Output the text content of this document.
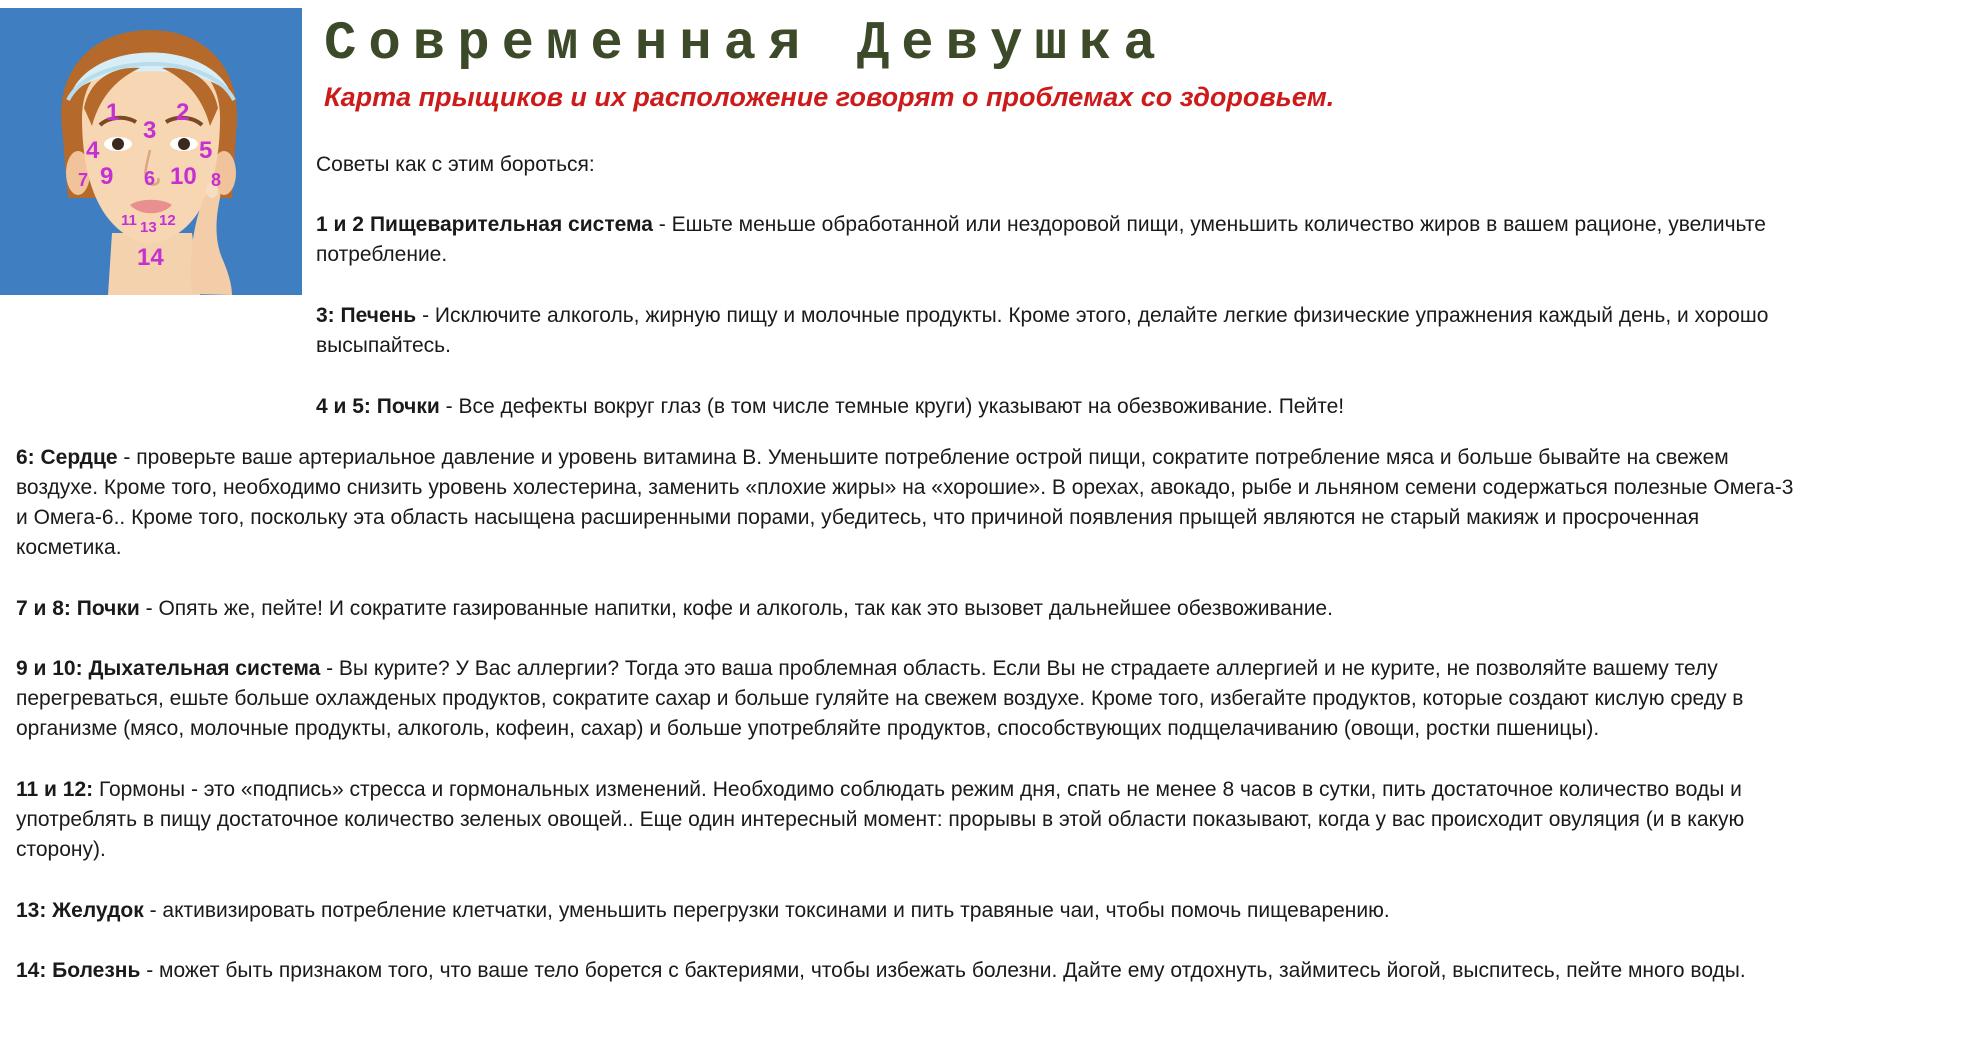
1 2
3
4	5
6
7	8
9 10
11 13 12
14
Современная Девушка
Карта прыщиков и их расположение говорят о проблемах со здоровьем.
Советы как с этим бороться:
1 и 2 Пищеварительная система - Ешьте меньше обработанной или нездоровой пищи, уменьшить количество жиров в вашем рационе, увеличьте
потребление.
3: Печень - Исключите алкоголь, жирную пищу и молочные продукты. Кроме этого, делайте легкие физические упражнения каждый день, и хорошо
высыпайтесь.
4 и 5: Почки - Все дефекты вокруг глаз (в том числе темные круги) указывают на обезвоживание. Пейте!
6: Сердце - проверьте ваше артериальное давление и уровень витамина B. Уменьшите потребление острой пищи, сократите потребление мяса и больше бывайте на свежем
воздухе. Кроме того, необходимо снизить уровень холестерина, заменить «плохие жиры» на «хорошие». В орехах, авокадо, рыбе и льняном семени содержаться полезные Омега-3
и Омега-6.. Кроме того, поскольку эта область насыщена расширенными порами, убедитесь, что причиной появления прыщей являются не старый макияж и просроченная
косметика.
7 и 8: Почки - Опять же, пейте! И сократите газированные напитки, кофе и алкоголь, так как это вызовет дальнейшее обезвоживание.
9 и 10: Дыхательная система - Вы курите? У Вас аллергии? Тогда это ваша проблемная область. Если Вы не страдаете аллергией и не курите, не позволяйте вашему телу
перегреваться, ешьте больше охлажденых продуктов, сократите сахар и больше гуляйте на свежем воздухе. Кроме того, избегайте продуктов, которые создают кислую среду в
организме (мясо, молочные продукты, алкоголь, кофеин, сахар) и больше употребляйте продуктов, способствующих подщелачиванию (овощи, ростки пшеницы).
11 и 12: Гормоны - это «подпись» стресса и гормональных изменений. Необходимо соблюдать режим дня, спать не менее 8 часов в сутки, пить достаточное количество воды и
употреблять в пищу достаточное количество зеленых овощей.. Еще один интересный момент: прорывы в этой области показывают, когда у вас происходит овуляция (и в какую
сторону).
13: Желудок - активизировать потребление клетчатки, уменьшить перегрузки токсинами и пить травяные чаи, чтобы помочь пищеварению.
14: Болезнь - может быть признаком того, что ваше тело борется с бактериями, чтобы избежать болезни. Дайте ему отдохнуть, займитесь йогой, выспитесь, пейте много воды.
